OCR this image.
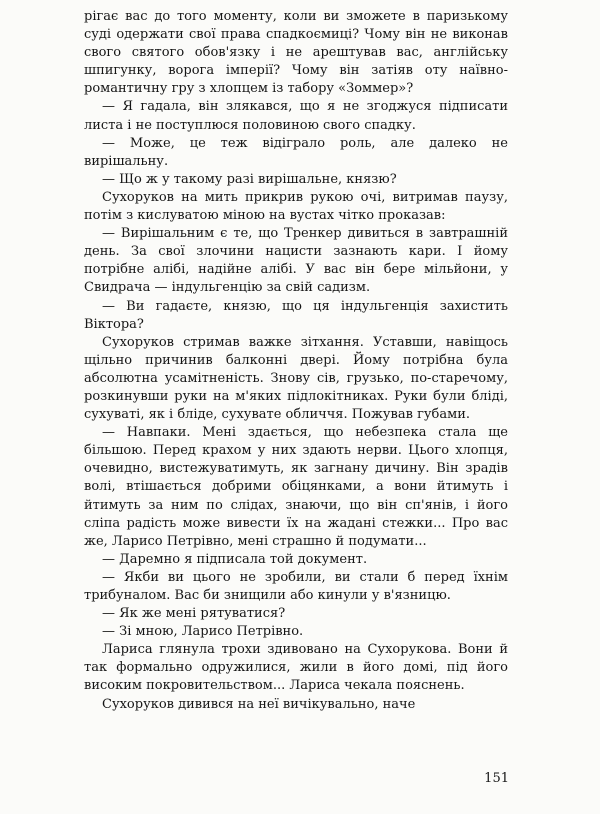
рігає вас до того моменту, коли ви зможете в паризькому суді одержати свої права спадкоємиці? Чому він не виконав свого святого обов'язку і не арештував вас, англійську шпигунку, ворога імперії? Чому він затіяв оту наївно-романтичну гру з хлопцем із табору «Зоммер»?

— Я гадала, він злякався, що я не згоджуся підписати листа і не поступлюся половиною свого спадку.

— Може, це теж відіграло роль, але далеко не вирішальну.

— Що ж у такому разі вирішальне, князю?

Сухоруков на мить прикрив рукою очі, витримав паузу, потім з кислуватою міною на вустах чітко проказав:

— Вирішальним є те, що Тренкер дивиться в завтрашній день. За свої злочини нацисти зазнають кари. І йому потрібне алібі, надійне алібі. У вас він бере мільйони, у Свидрача — індульгенцію за свій садизм.

— Ви гадаєте, князю, що ця індульгенція захистить Віктора?

Сухоруков стримав важке зітхання. Уставши, навіщось щільно причинив балконні двері. Йому потрібна була абсолютна усамітненість. Знову сів, грузько, по-старечому, розкинувши руки на м'яких підлокітниках. Руки були бліді, сухуваті, як і бліде, сухувате обличчя. Пожував губами.

— Навпаки. Мені здається, що небезпека стала ще більшою. Перед крахом у них здають нерви. Цього хлопця, очевидно, вистежуватимуть, як загнану дичину. Він зрадів волі, втішається добрими обіцянками, а вони йтимуть і йтимуть за ним по слідах, знаючи, що він сп'янів, і його сліпа радість може вивести їх на жадані стежки... Про вас же, Ларисо Петрівно, мені страшно й подумати...

— Даремно я підписала той документ.

— Якби ви цього не зробили, ви стали б перед їхнім трибуналом. Вас би знищили або кинули у в'язницю.

— Як же мені рятуватися?

— Зі мною, Ларисо Петрівно.

Лариса глянула трохи здивовано на Сухорукова. Вони й так формально одружилися, жили в його домі, під його високим покровительством... Лариса чекала пояснень.

Сухоруков дивився на неї вичікувально, наче

151
